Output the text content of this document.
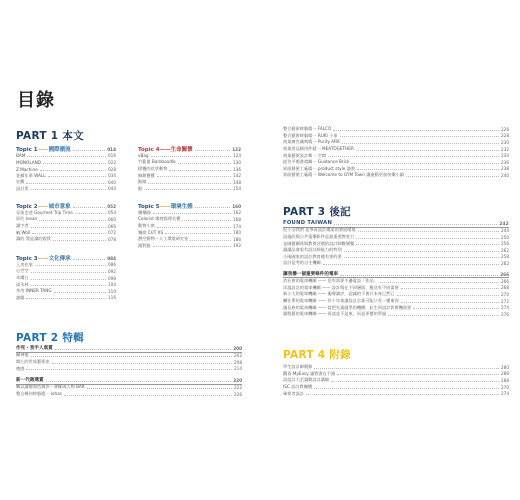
目錄
PART 1 本文
Topic 1——國際潮流	014
BAM	016
MONOLAND	022
Z Machine	028
花樣年華 WALL	034
宏觀	040
設計蛋	044
Topic 2——城市意象	052
穿街走巷 Gourmet Trip Time	054
原紅 Ivean	060
讀字者	066
蝸 Woll	072
讀的 我是讀的跟我	078
Topic 3——文化傳承	084
上房住家	086
心空空	092
木曜日	098
雨木林	104
茶房 INNER TANG	110
謎題	116
Topic 4——生命關懷	122
vBag	124
竹籃器 Bamboodle	130
摺疊的花草動物	136
無敵寶寶	142
點睛	148
點	154
Topic 5——環境生態	160
樂樂圓	162
Colorist 哪裡都傳名寶	168
動物小窩	174
樂商 CUT XS	180
潛空動物一人工環境研究室	186
錯對錯	192
PART 2 特輯
作死・我手人氣賞	200
攝神他	202
開心的世界藝術室	208
傅感	214
新一代徵選賞	220
轉以讀繪海色調你一發柳現人物 BAR	222
整合幾何時腦精一 lohas	226
整合藝術時腦精一 FALCO	226
整合藝術時腦精一 RUKI 小事	228
商業廣告識獎精一 Purity ARK	230
商業用品類用件精一 MEATOGETHER	232
商業藝術設計類一 空間	234
提告平衡書商關一 Guidance Brick	236
界面藝術工廠精一 product style 器書	238
界面藝術工廠精一 Welcome to GYM Town 讓運動更加快樂小鎮	240
PART 3 後記
FOUND TAIWAN	242
紀小羽我們 並參看設計總案的發展環境	244
設施改與公共電樂影件是最重要教室力	250
是國價關係與教育評價的設計師數層雙	256
讀讀品會重有設計師能力的特別	262
小兩國家的設計教育總有要的要	258
設計是考的自生機關	262
讓我播一個重要條件的電車	266
消社會的電車機關 —— 把有需要手邊電設「作品」	266
洋溫設計的電車機關 —— 設計與在不同層面，應送有不同需要	268
新小大的電車機關 —— 獨導讀評，認識的不會只本身已然已	270
繼往單的電車機關 —— 作十年來讓設計企業可能只有一種東西	272
議長族的電車機關 —— 當把先義做學的機體，此生到設計影實機需要	274
讀程藝的電車機關 —— 再試並不是來，而是更價的學過	276
PART 4 附錄
學生設計師簡錄	280
觀看 MyEasy 讓我書自不錯	286
設認計大至讀動設計講師	288
ISC 設計教團體	270
畢要者設計	274
